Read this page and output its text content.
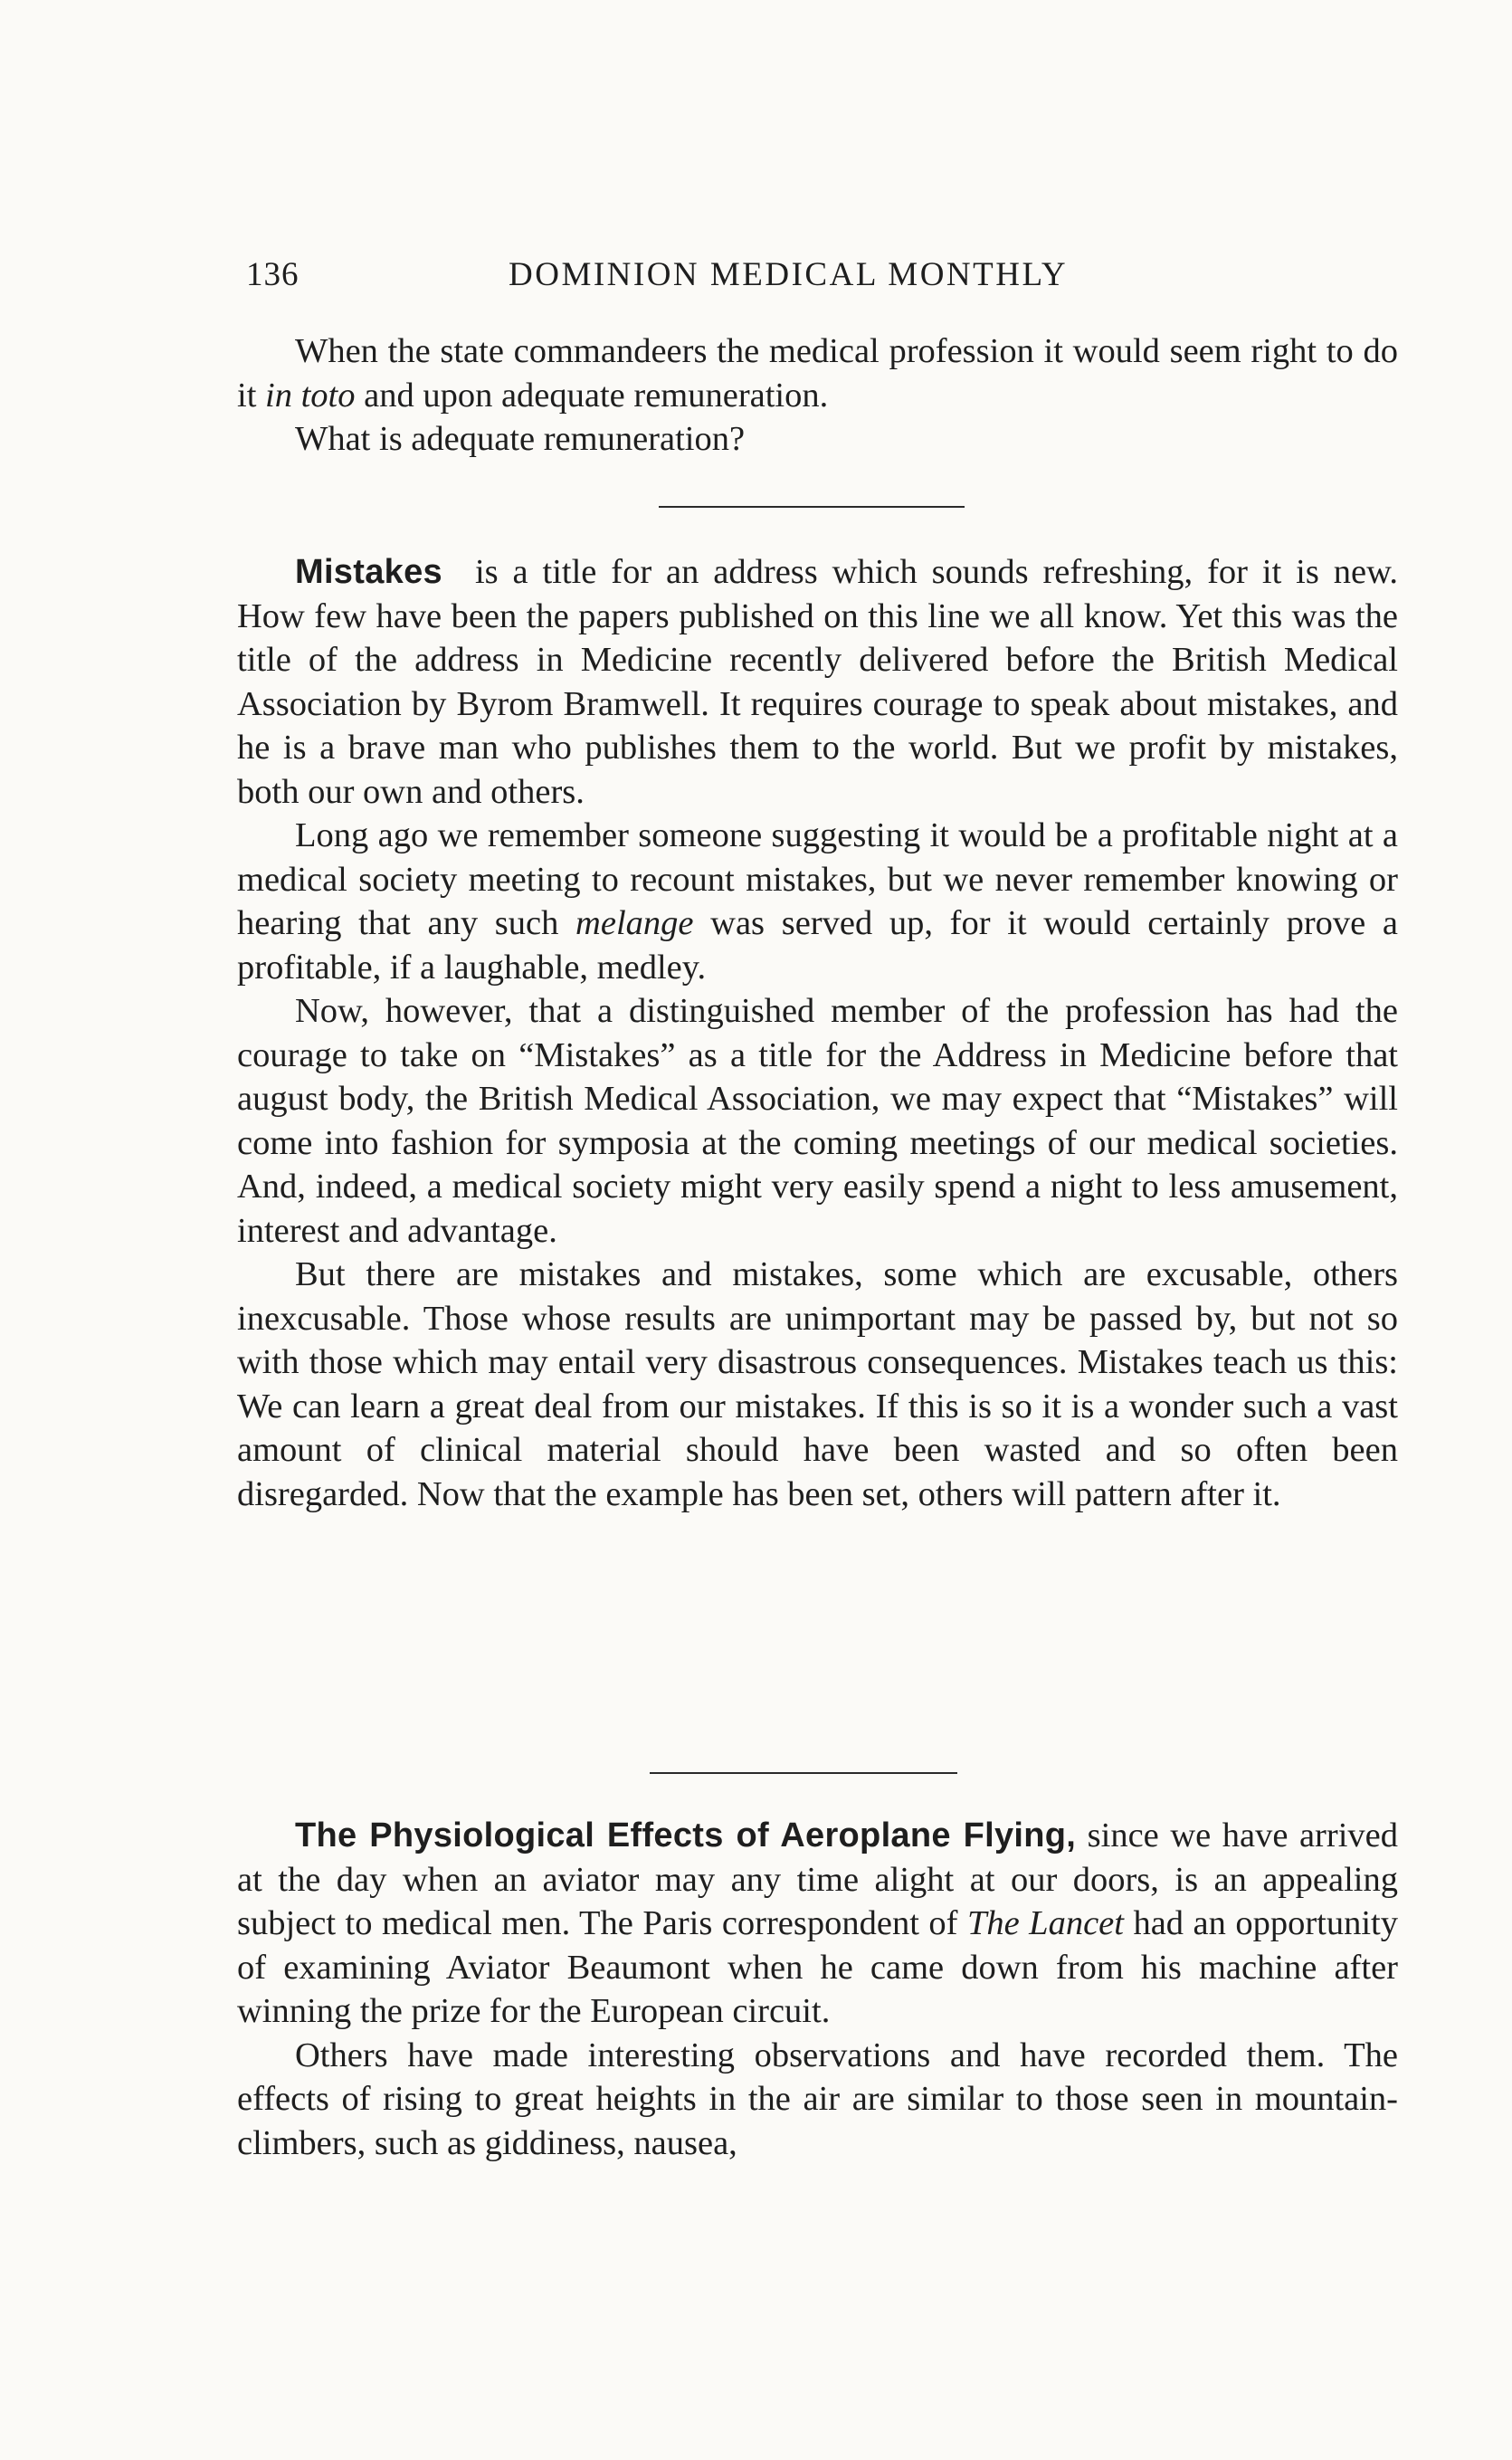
136	DOMINION MEDICAL MONTHLY

When the state commandeers the medical profession it would seem right to do it in toto and upon adequate remuneration.

What is adequate remuneration?

Mistakes is a title for an address which sounds refreshing, for it is new. How few have been the papers published on this line we all know. Yet this was the title of the address in Medicine recently delivered before the British Medical Association by Byrom Bramwell. It requires courage to speak about mistakes, and he is a brave man who publishes them to the world. But we profit by mistakes, both our own and others.

Long ago we remember someone suggesting it would be a profitable night at a medical society meeting to recount mistakes, but we never remember knowing or hearing that any such melange was served up, for it would certainly prove a profitable, if a laughable, medley.

Now, however, that a distinguished member of the profession has had the courage to take on “Mistakes” as a title for the Address in Medicine before that august body, the British Medical Association, we may expect that “Mistakes” will come into fashion for symposia at the coming meetings of our medical societies. And, indeed, a medical society might very easily spend a night to less amusement, interest and advantage.

But there are mistakes and mistakes, some which are excusable, others inexcusable. Those whose results are unimportant may be passed by, but not so with those which may entail very disastrous consequences. Mistakes teach us this: We can learn a great deal from our mistakes. If this is so it is a wonder such a vast amount of clinical material should have been wasted and so often been disregarded. Now that the example has been set, others will pattern after it.

The Physiological Effects of Aeroplane Flying, since we have arrived at the day when an aviator may any time alight at our doors, is an appealing subject to medical men. The Paris correspondent of The Lancet had an opportunity of examining Aviator Beaumont when he came down from his machine after winning the prize for the European circuit.

Others have made interesting observations and have recorded them. The effects of rising to great heights in the air are similar to those seen in mountain-climbers, such as giddiness, nausea,
